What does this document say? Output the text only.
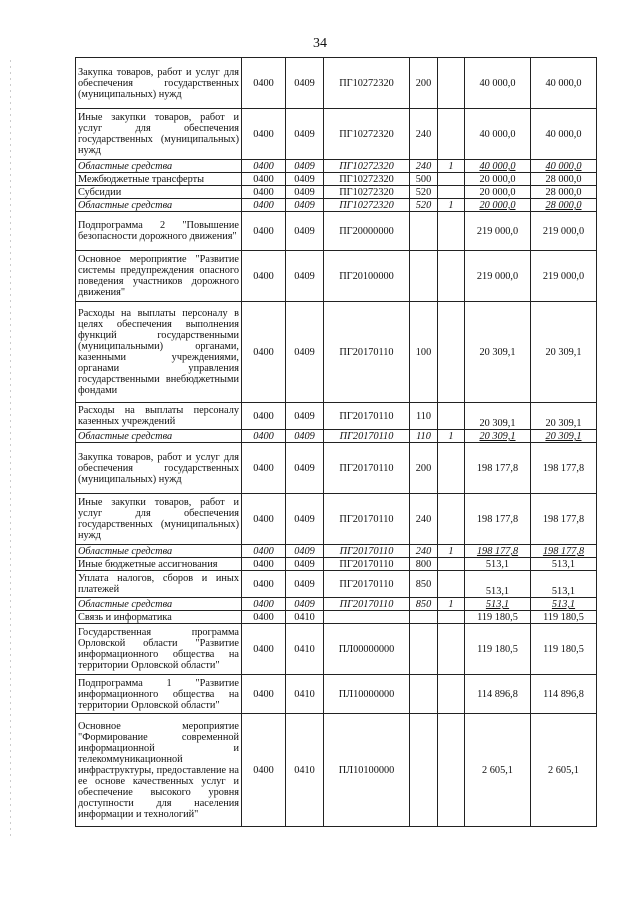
34
Закупка товаров, работ и услуг для обеспечения государственных (муниципальных) нужд	0400	0409	ПГ10272320	200		40 000,0	40 000,0
Иные закупки товаров, работ и услуг для обеспечения государственных (муниципальных) нужд	0400	0409	ПГ10272320	240		40 000,0	40 000,0
Областные средства	0400	0409	ПГ10272320	240	1	40 000,0	40 000,0
Межбюджетные трансферты	0400	0409	ПГ10272320	500		20 000,0	28 000,0
Субсидии	0400	0409	ПГ10272320	520		20 000,0	28 000,0
Областные средства	0400	0409	ПГ10272320	520	1	20 000,0	28 000,0
Подпрограмма 2 "Повышение безопасности дорожного движения"	0400	0409	ПГ20000000			219 000,0	219 000,0
Основное мероприятие "Развитие системы предупреждения опасного поведения участников дорожного движения"	0400	0409	ПГ20100000			219 000,0	219 000,0
Расходы на выплаты персоналу в целях обеспечения выполнения функций государственными (муниципальными) органами, казенными учреждениями, органами управления государственными внебюджетными фондами	0400	0409	ПГ20170110	100		20 309,1	20 309,1
Расходы на выплаты персоналу казенных учреждений	0400	0409	ПГ20170110	110		20 309,1	20 309,1
Областные средства	0400	0409	ПГ20170110	110	1	20 309,1	20 309,1
Закупка товаров, работ и услуг для обеспечения государственных (муниципальных) нужд	0400	0409	ПГ20170110	200		198 177,8	198 177,8
Иные закупки товаров, работ и услуг для обеспечения государственных (муниципальных) нужд	0400	0409	ПГ20170110	240		198 177,8	198 177,8
Областные средства	0400	0409	ПГ20170110	240	1	198 177,8	198 177,8
Иные бюджетные ассигнования	0400	0409	ПГ20170110	800		513,1	513,1
Уплата налогов, сборов и иных платежей	0400	0409	ПГ20170110	850		513,1	513,1
Областные средства	0400	0409	ПГ20170110	850	1	513,1	513,1
Связь и информатика	0400	0410				119 180,5	119 180,5
Государственная программа Орловской области "Развитие информационного общества на территории Орловской области"	0400	0410	ПЛ00000000			119 180,5	119 180,5
Подпрограмма 1 "Развитие информационного общества на территории Орловской области"	0400	0410	ПЛ10000000			114 896,8	114 896,8
Основное мероприятие "Формирование современной информационной и телекоммуникационной инфраструктуры, предоставление на ее основе качественных услуг и обеспечение высокого уровня доступности для населения информации и технологий"	0400	0410	ПЛ10100000			2 605,1	2 605,1
